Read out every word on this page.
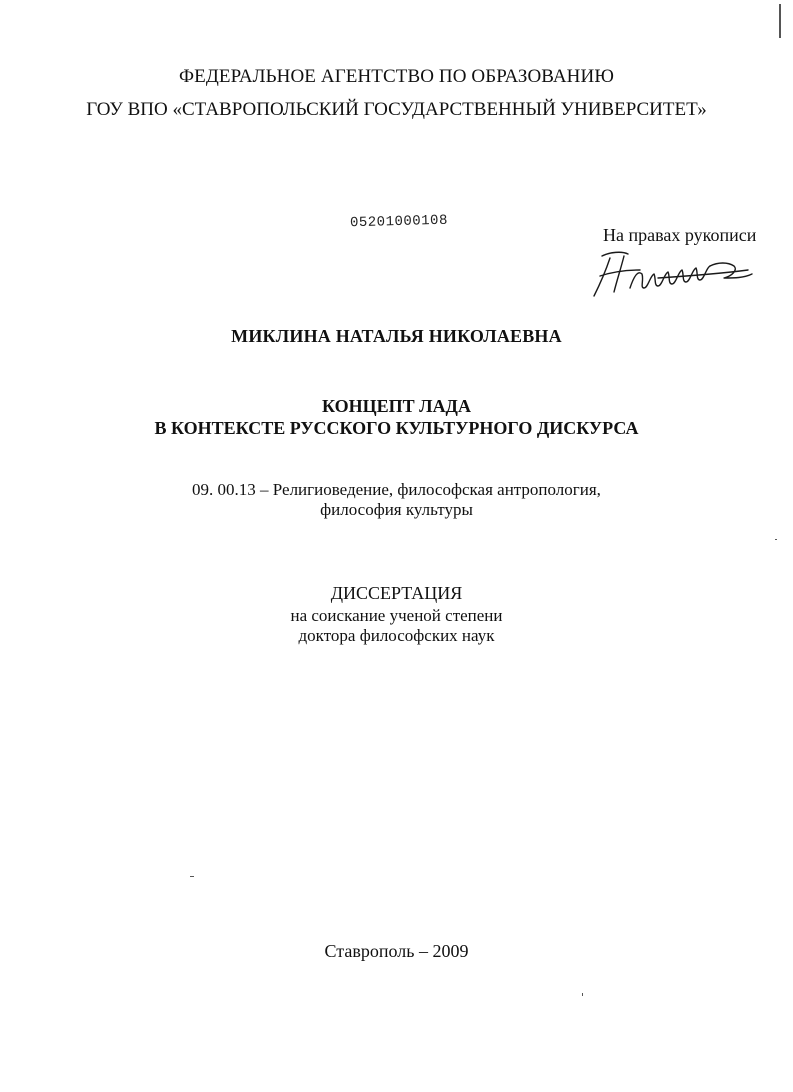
ФЕДЕРАЛЬНОЕ АГЕНТСТВО ПО ОБРАЗОВАНИЮ
ГОУ ВПО «СТАВРОПОЛЬСКИЙ ГОСУДАРСТВЕННЫЙ УНИВЕРСИТЕТ»
05201000108
На правах рукописи
МИКЛИНА НАТАЛЬЯ НИКОЛАЕВНА
КОНЦЕПТ ЛАДА
В КОНТЕКСТЕ РУССКОГО КУЛЬТУРНОГО ДИСКУРСА
09. 00.13 – Религиоведение, философская антропология,
философия культуры
ДИССЕРТАЦИЯ
на соискание ученой степени
доктора философских наук
Ставрополь – 2009
